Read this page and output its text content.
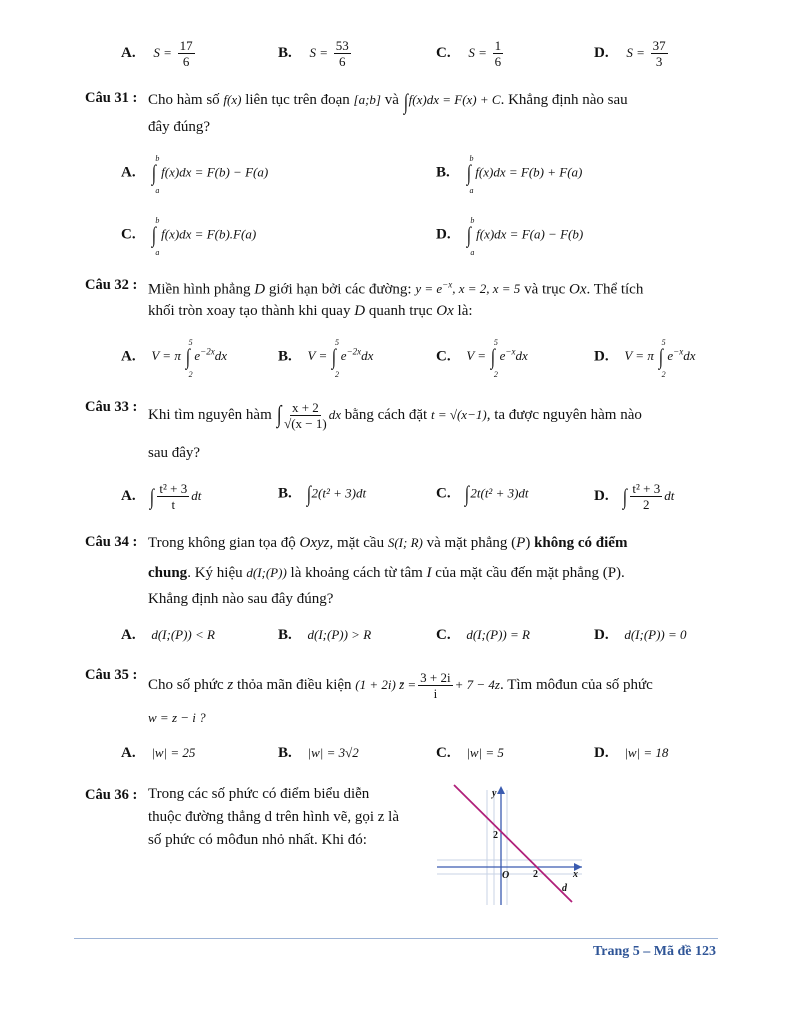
A. $S = \frac{17}{6}$	B. $S = \frac{53}{6}$	C. $S = \frac{1}{6}$	D. $S = \frac{37}{3}$
Câu 31 : Cho hàm số f(x) liên tục trên đoạn [a;b] và ∫f(x)dx = F(x) + C. Khẳng định nào sau
đây đúng?
A.
b
∫
a
f(x)dx = F(b) − F(a)	B.
b
∫
a
f(x)dx = F(b) + F(a)
C.
b
∫
a
f(x)dx = F(b).F(a)	D.
b
∫
a
f(x)dx = F(a) − F(b)
Câu 32 : Miền hình phẳng D giới hạn bởi các đường: $y = e^{-x}$, x = 2, x = 5 và trục Ox. Thể tích
khối tròn xoay tạo thành khi quay D quanh trục Ox là:
A. V = π
5
∫
2
$e^{-2x}dx$	B. V =
5
∫
2
$e^{-2x}dx$	C. V =
5
∫
2
$e^{-x}dx$	D. V = π
5
∫
2
$e^{-x}dx$
Câu 33 : Khi tìm nguyên hàm ∫ $\frac{x + 2}{√(x - 1)}$ dx bằng cách đặt t = √(x−1), ta được nguyên hàm nào
sau đây?
A. ∫ $\frac{\text{t² + 3}}{t}$ dt	B. ∫2(t² + 3)dt	C. ∫2t(t² + 3)dt	D. ∫ $\frac{\text{t² + 3}}{2}$ dt
Câu 34 : Trong không gian tọa độ Oxyz, mặt cầu S(I; R) và mặt phẳng (P) không có điểm
chung. Ký hiệu d(I;(P)) là khoảng cách từ tâm I của mặt cầu đến mặt phẳng (P).
Khẳng định nào sau đây đúng?
A. d(I;(P)) < R	B. d(I;(P)) > R	C. d(I;(P)) = R	D. d(I;(P)) = 0
Câu 35 :
Cho số phức z thỏa mãn điều kiện (1 + 2i) z̄ = $\frac{3 + 2i}{i} + 7 - 4z$. Tìm môđun của số phức
w = z − i ?
A. |w| = 25	B. |w| = 3√2	C. |w| = 5	D. |w| = 18
Câu 36 : Trong các số phức có điểm biểu diễn
thuộc đường thẳng d trên hình vẽ, gọi z là
số phức có môđun nhỏ nhất. Khi đó:
y
x
O
2
2
d
Trang 5 – Mã đề 123
